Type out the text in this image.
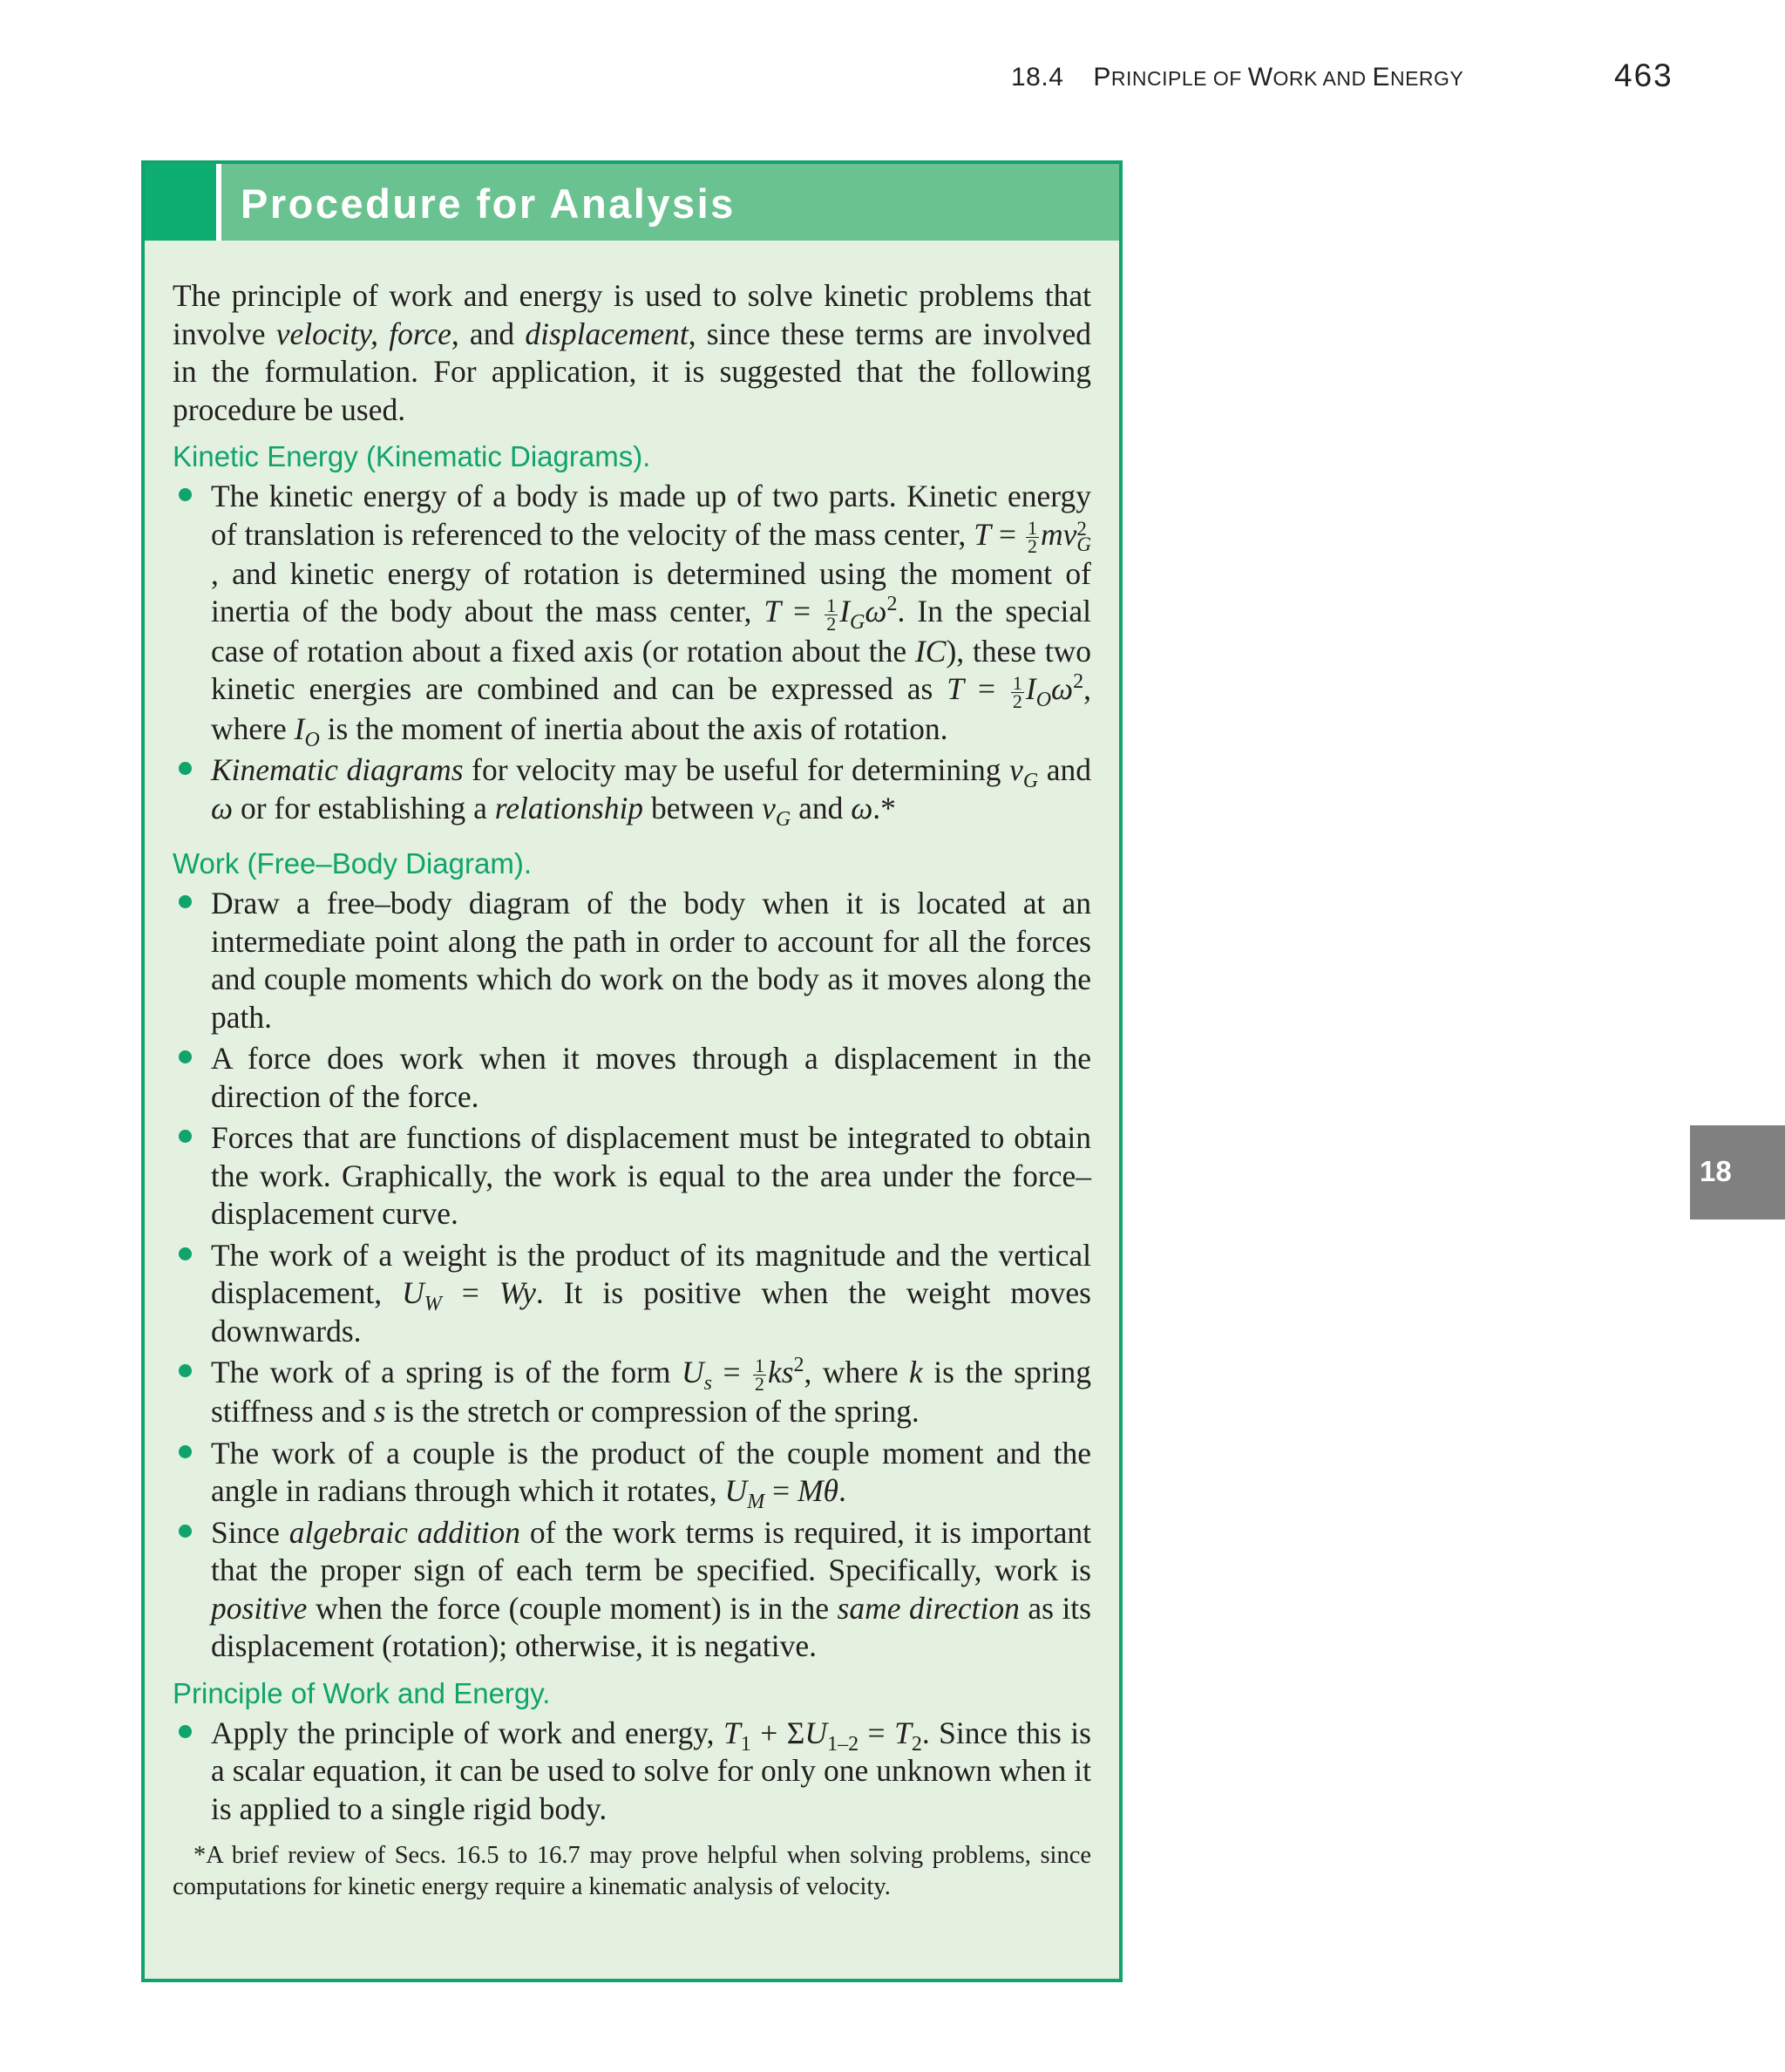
18.4 PRINCIPLE OF WORK AND ENERGY	463
18
Procedure for Analysis

The principle of work and energy is used to solve kinetic problems that involve velocity, force, and displacement, since these terms are involved in the formulation. For application, it is suggested that the following procedure be used.

Kinetic Energy (Kinematic Diagrams).
The kinetic energy of a body is made up of two parts. Kinetic energy of translation is referenced to the velocity of the mass center, $T = \frac{1}{2}$ mv 2
G, and kinetic energy of rotation is determined using the moment of inertia of the body about the mass center, $T = \frac{1}{2} I_G\omega^2$. In the special case of rotation about a fixed axis (or rotation about the IC), these two kinetic energies are combined and can be expressed as $T = \frac{1}{2} I_O\omega^2$, where $I_O$ is the moment of inertia about the axis of rotation.
Kinematic diagrams for velocity may be useful for determining $v_G$ and ω or for establishing a relationship between $v_G$ and ω.*
Work (Free–Body Diagram).
Draw a free–body diagram of the body when it is located at an intermediate point along the path in order to account for all the forces and couple moments which do work on the body as it moves along the path.
A force does work when it moves through a displacement in the direction of the force.
Forces that are functions of displacement must be integrated to obtain the work. Graphically, the work is equal to the area under the force–displacement curve.
The work of a weight is the product of its magnitude and the vertical displacement, $U_W = Wy$. It is positive when the weight moves downwards.
The work of a spring is of the form $U_s = \frac{1}{2} ks^2$, where k is the spring stiffness and s is the stretch or compression of the spring.
The work of a couple is the product of the couple moment and the angle in radians through which it rotates, $U_M = M\theta$.
Since algebraic addition of the work terms is required, it is important that the proper sign of each term be specified. Specifically, work is positive when the force (couple moment) is in the same direction as its displacement (rotation); otherwise, it is negative.
Principle of Work and Energy.
Apply the principle of work and energy, $T_1 + \Sigma U_{1-2} = T_2$. Since this is a scalar equation, it can be used to solve for only one unknown when it is applied to a single rigid body.

*A brief review of Secs. 16.5 to 16.7 may prove helpful when solving problems, since computations for kinetic energy require a kinematic analysis of velocity.
